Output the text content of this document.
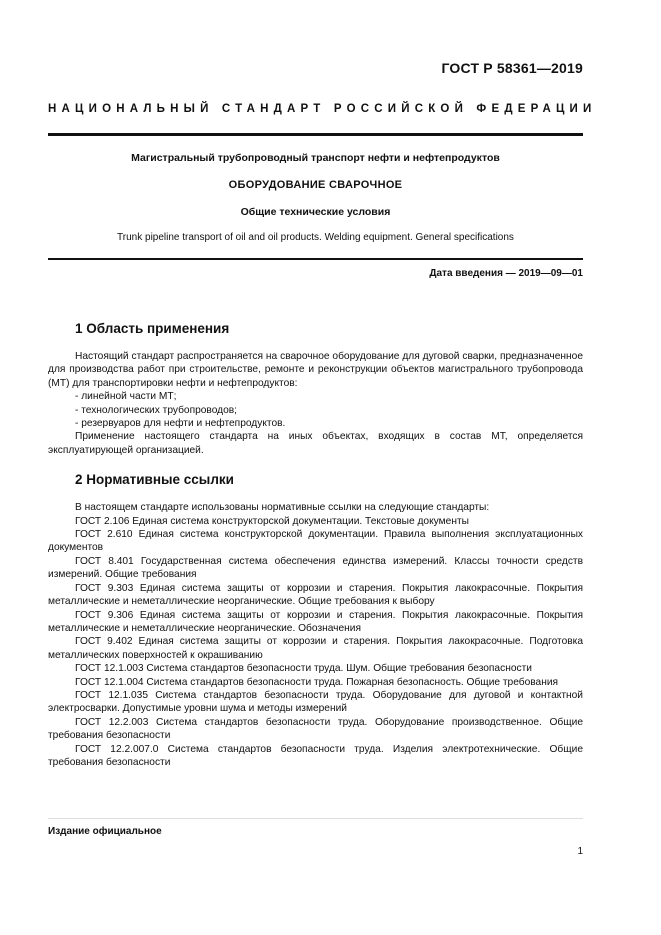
ГОСТ Р 58361—2019
НАЦИОНАЛЬНЫЙ СТАНДАРТ РОССИЙСКОЙ ФЕДЕРАЦИИ
Магистральный трубопроводный транспорт нефти и нефтепродуктов
ОБОРУДОВАНИЕ СВАРОЧНОЕ
Общие технические условия
Trunk pipeline transport of oil and oil products. Welding equipment. General specifications
Дата введения — 2019—09—01
1 Область применения

Настоящий стандарт распространяется на сварочное оборудование для дуговой сварки, предназначенное для производства работ при строительстве, ремонте и реконструкции объектов магистрального трубопровода (МТ) для транспортировки нефти и нефтепродуктов:

- линейной части МТ;
- технологических трубопроводов;
- резервуаров для нефти и нефтепродуктов.

Применение настоящего стандарта на иных объектах, входящих в состав МТ, определяется эксплуатирующей организацией.

2 Нормативные ссылки

В настоящем стандарте использованы нормативные ссылки на следующие стандарты:

ГОСТ 2.106 Единая система конструкторской документации. Текстовые документы

ГОСТ 2.610 Единая система конструкторской документации. Правила выполнения эксплуатационных документов

ГОСТ 8.401 Государственная система обеспечения единства измерений. Классы точности средств измерений. Общие требования

ГОСТ 9.303 Единая система защиты от коррозии и старения. Покрытия лакокрасочные. Покрытия металлические и неметаллические неорганические. Общие требования к выбору

ГОСТ 9.306 Единая система защиты от коррозии и старения. Покрытия лакокрасочные. Покрытия металлические и неметаллические неорганические. Обозначения

ГОСТ 9.402 Единая система защиты от коррозии и старения. Покрытия лакокрасочные. Подготовка металлических поверхностей к окрашиванию

ГОСТ 12.1.003 Система стандартов безопасности труда. Шум. Общие требования безопасности

ГОСТ 12.1.004 Система стандартов безопасности труда. Пожарная безопасность. Общие требования

ГОСТ 12.1.035 Система стандартов безопасности труда. Оборудование для дуговой и контактной электросварки. Допустимые уровни шума и методы измерений

ГОСТ 12.2.003 Система стандартов безопасности труда. Оборудование производственное. Общие требования безопасности

ГОСТ 12.2.007.0 Система стандартов безопасности труда. Изделия электротехнические. Общие требования безопасности

Издание официальное
1
